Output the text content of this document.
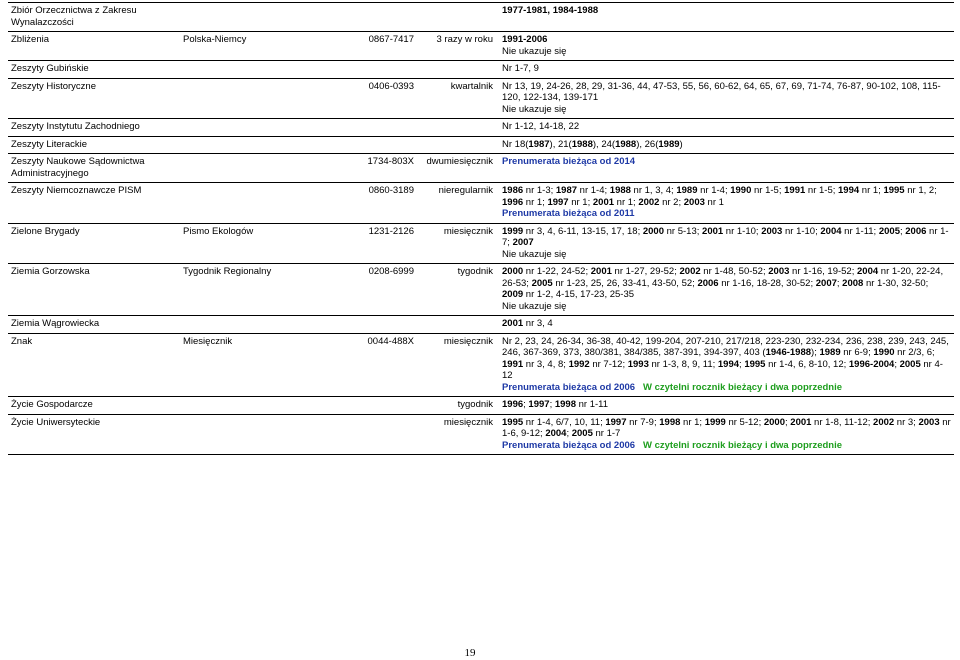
Zbiór Orzecznictwa z Zakresu Wynalazczości				1977-1981, 1984-1988

Zbliżenia	Polska-Niemcy	0867-7417	3 razy w roku	1991-2006
Nie ukazuje się

Zeszyty Gubińskie				Nr 1-7, 9

Zeszyty Historyczne		0406-0393	kwartalnik	Nr 13, 19, 24-26, 28, 29, 31-36, 44, 47-53, 55, 56, 60-62, 64, 65, 67, 69, 71-74, 76-87, 90-102, 108, 115-120, 122-134, 139-171
Nie ukazuje się

Zeszyty Instytutu Zachodniego				Nr 1-12, 14-18, 22

Zeszyty Literackie				Nr 18(1987), 21(1988), 24(1988), 26(1989)

Zeszyty Naukowe Sądownictwa Administracyjnego		1734-803X	dwumiesięcznik	Prenumerata bieżąca od 2014

Zeszyty Niemcoznawcze PISM		0860-3189	nieregularnik	1986 nr 1-3; 1987 nr 1-4; 1988 nr 1, 3, 4; 1989 nr 1-4; 1990 nr 1-5; 1991 nr 1-5; 1994 nr 1; 1995 nr 1, 2; 1996 nr 1; 1997 nr 1; 2001 nr 1; 2002 nr 2; 2003 nr 1
Prenumerata bieżąca od 2011

Zielone Brygady	Pismo Ekologów	1231-2126	miesięcznik	1999 nr 3, 4, 6-11, 13-15, 17, 18; 2000 nr 5-13; 2001 nr 1-10; 2003 nr 1-10; 2004 nr 1-11; 2005; 2006 nr 1-7; 2007
Nie ukazuje się

Ziemia Gorzowska	Tygodnik Regionalny	0208-6999	tygodnik	2000 nr 1-22, 24-52; 2001 nr 1-27, 29-52; 2002 nr 1-48, 50-52; 2003 nr 1-16, 19-52; 2004 nr 1-20, 22-24, 26-53; 2005 nr 1-23, 25, 26, 33-41, 43-50, 52; 2006 nr 1-16, 18-28, 30-52; 2007; 2008 nr 1-30, 32-50; 2009 nr 1-2, 4-15, 17-23, 25-35
Nie ukazuje się

Ziemia Wągrowiecka				2001 nr 3, 4

Znak	Miesięcznik	0044-488X	miesięcznik	Nr 2, 23, 24, 26-34, 36-38, 40-42, 199-204, 207-210, 217/218, 223-230, 232-234, 236, 238, 239, 243, 245, 246, 367-369, 373, 380/381, 384/385, 387-391, 394-397, 403 (1946-1988); 1989 nr 6-9; 1990 nr 2/3, 6; 1991 nr 3, 4, 8; 1992 nr 7-12; 1993 nr 1-3, 8, 9, 11; 1994; 1995 nr 1-4, 6, 8-10, 12; 1996-2004; 2005 nr 4-12
Prenumerata bieżąca od 2006 W czytelni rocznik bieżący i dwa poprzednie

Życie Gospodarcze			tygodnik	1996; 1997; 1998 nr 1-11

Życie Uniwersyteckie			miesięcznik	1995 nr 1-4, 6/7, 10, 11; 1997 nr 7-9; 1998 nr 1; 1999 nr 5-12; 2000; 2001 nr 1-8, 11-12; 2002 nr 3; 2003 nr 1-6, 9-12; 2004; 2005 nr 1-7
Prenumerata bieżąca od 2006 W czytelni rocznik bieżący i dwa poprzednie
19
